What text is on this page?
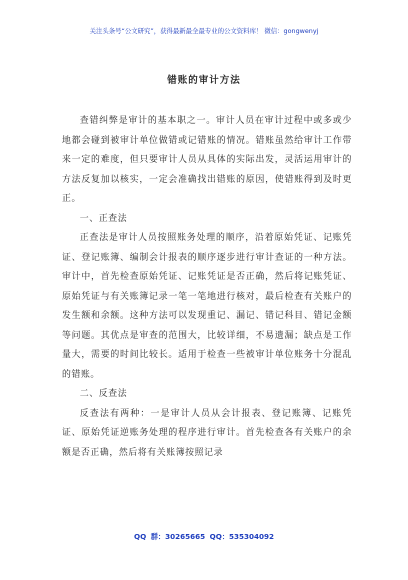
关注头条号“公文研究”，获得最新最全最专业的公文资料库！ 微信：gongwenyj
错账的审计方法

查错纠弊是审计的基本职之一。审计人员在审计过程中或多或少地都会碰到被审计单位做错或记错账的情况。错账虽然给审计工作带来一定的难度，但只要审计人员从具体的实际出发，灵活运用审计的方法反复加以核实，一定会准确找出错账的原因，使错账得到及时更正。

一、正查法

正查法是审计人员按照账务处理的顺序，沿着原始凭证、记账凭证、登记账簿、编制会计报表的顺序逐步进行审计查证的一种方法。审计中，首先检查原始凭证、记账凭证是否正确，然后将记账凭证、原始凭证与有关账簿记录一笔一笔地进行核对，最后检查有关账户的发生额和余额。这种方法可以发现重记、漏记、错记科目、错记金额等问题。其优点是审查的范围大，比较详细，不易遗漏；缺点是工作量大，需要的时间比较长。适用于检查一些被审计单位账务十分混乱的错账。

二、反查法

反查法有两种：一是审计人员从会计报表、登记账簿、记账凭证、原始凭证逆账务处理的程序进行审计。首先检查各有关账户的余额是否正确，然后将有关账簿按照记录

QQ 群：30265665 QQ：535304092
